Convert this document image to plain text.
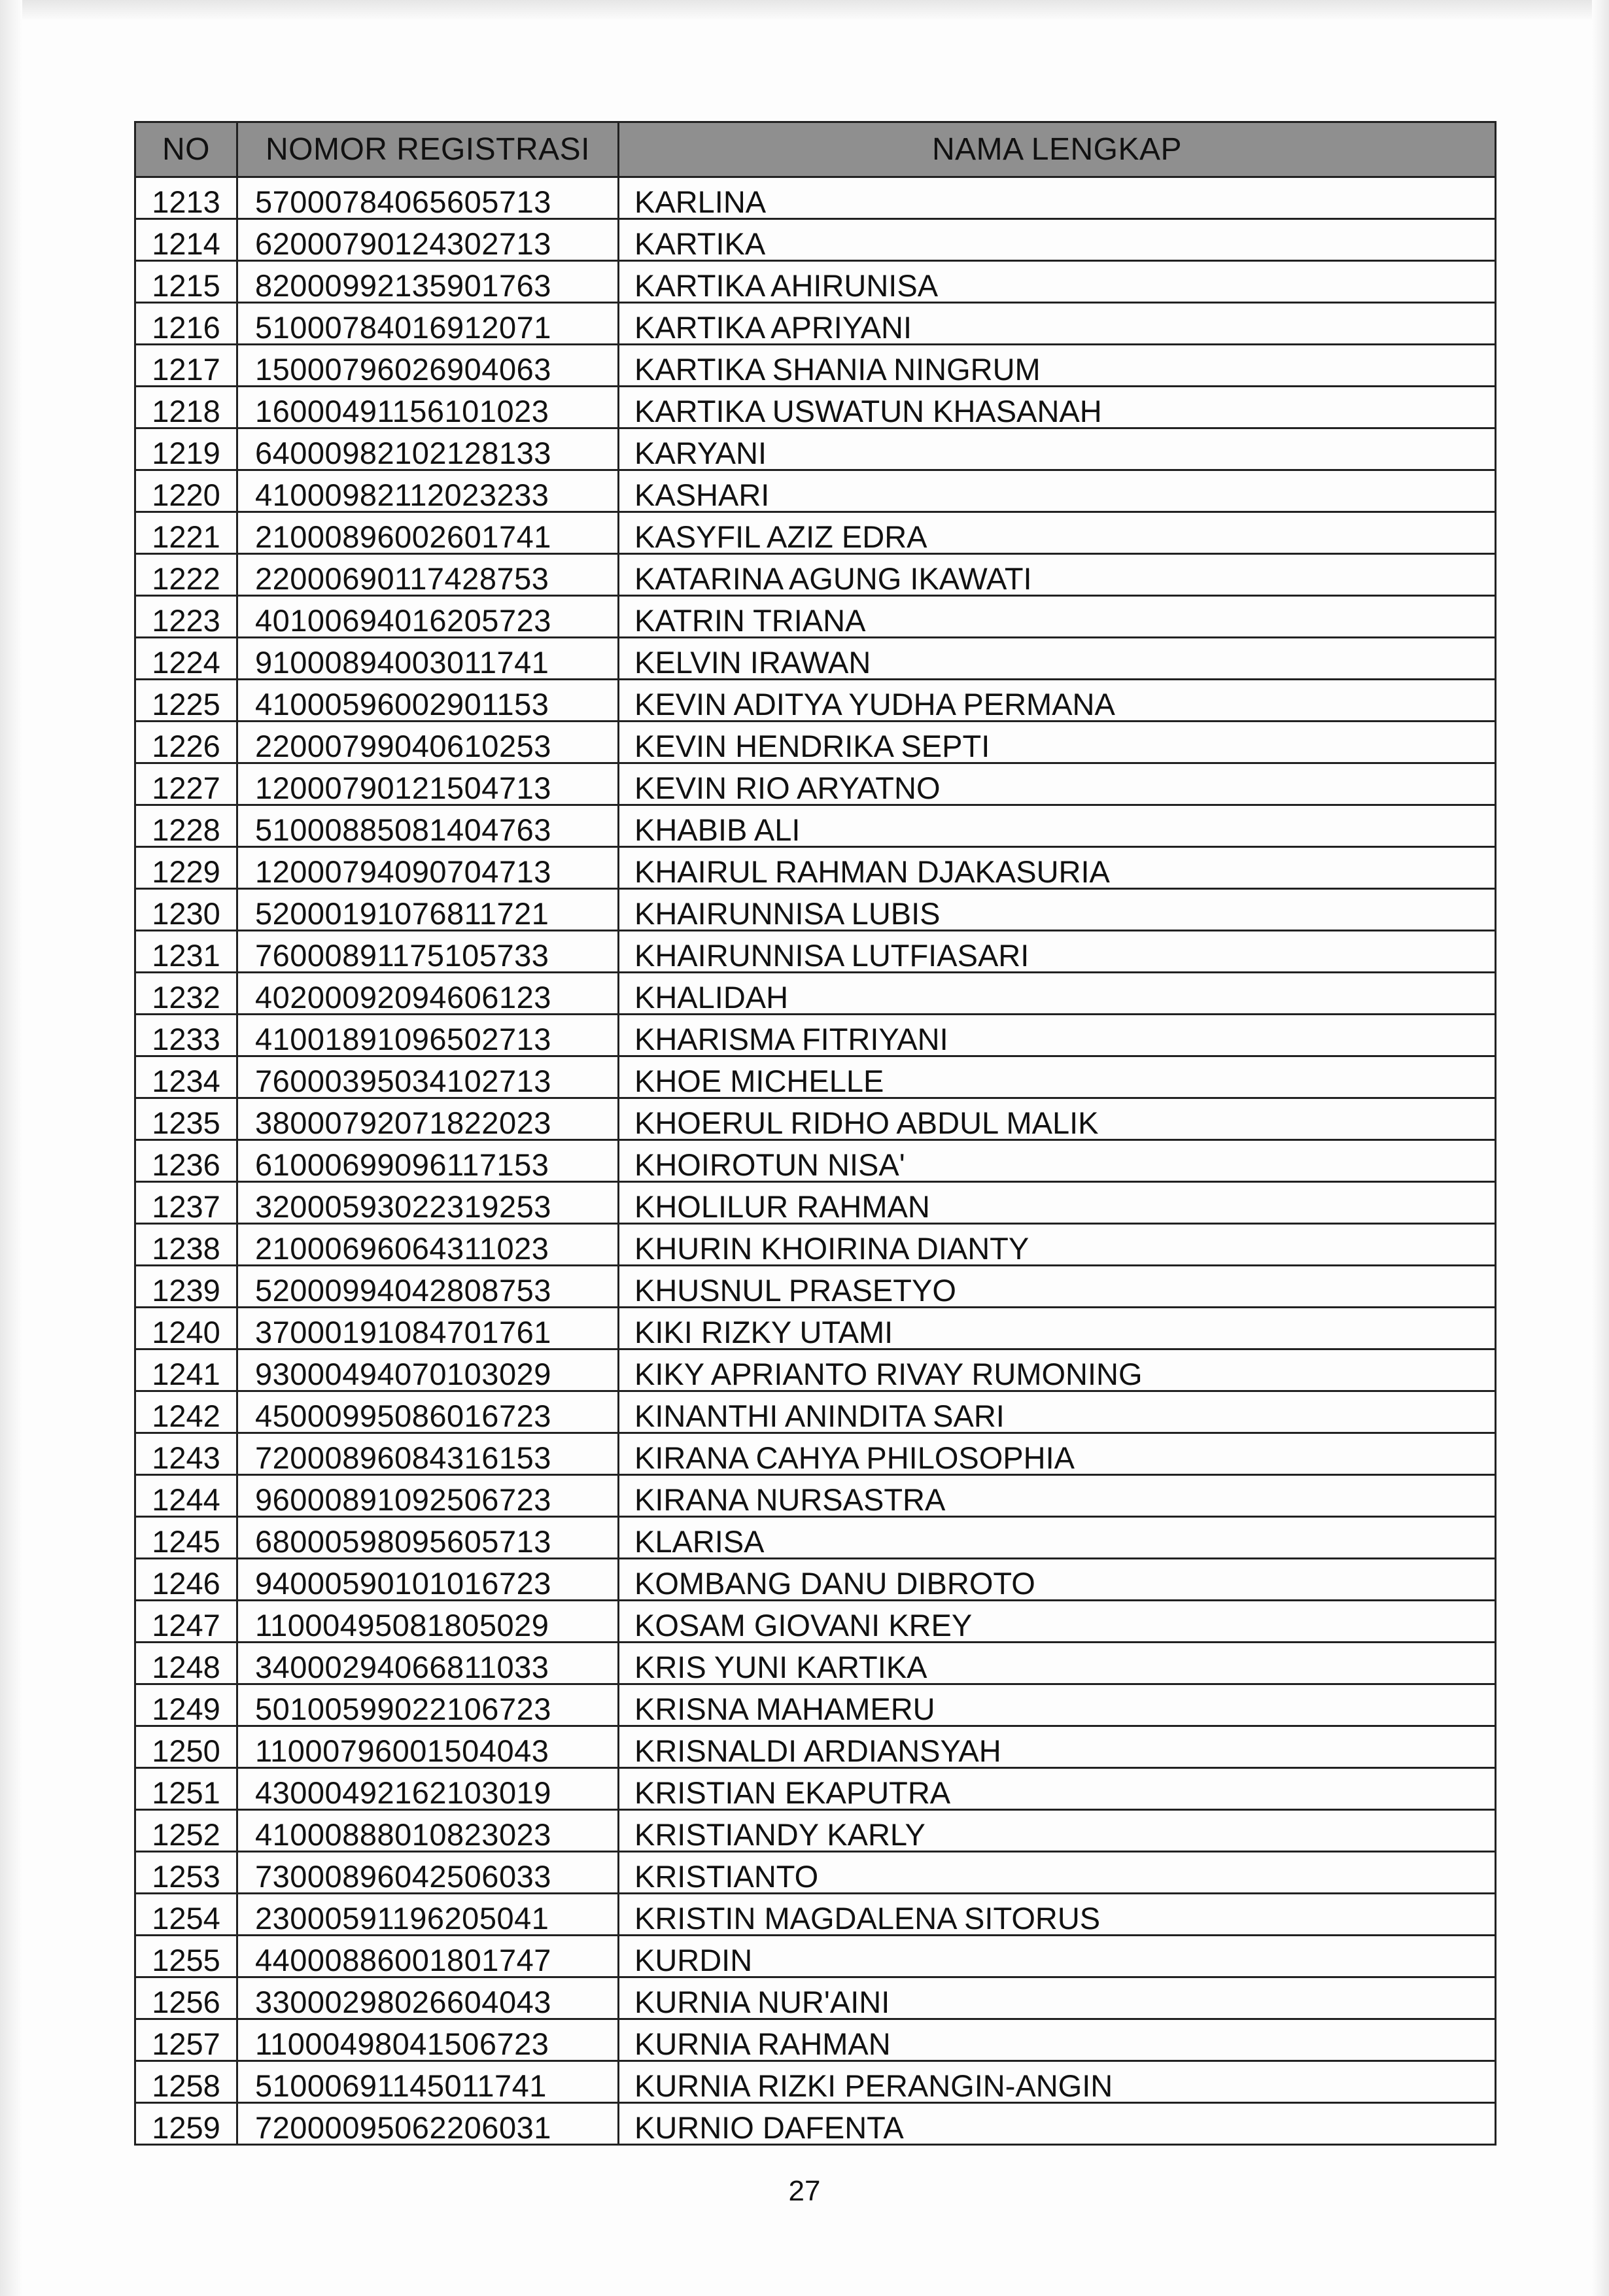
NO	NOMOR REGISTRASI	NAMA LENGKAP
1213	57000784065605713	KARLINA
1214	62000790124302713	KARTIKA
1215	82000992135901763	KARTIKA AHIRUNISA
1216	51000784016912071	KARTIKA APRIYANI
1217	15000796026904063	KARTIKA SHANIA NINGRUM
1218	16000491156101023	KARTIKA USWATUN KHASANAH
1219	64000982102128133	KARYANI
1220	41000982112023233	KASHARI
1221	21000896002601741	KASYFIL AZIZ EDRA
1222	22000690117428753	KATARINA AGUNG IKAWATI
1223	40100694016205723	KATRIN TRIANA
1224	91000894003011741	KELVIN IRAWAN
1225	41000596002901153	KEVIN ADITYA YUDHA PERMANA
1226	22000799040610253	KEVIN HENDRIKA SEPTI
1227	12000790121504713	KEVIN RIO ARYATNO
1228	51000885081404763	KHABIB ALI
1229	12000794090704713	KHAIRUL RAHMAN DJAKASURIA
1230	52000191076811721	KHAIRUNNISA LUBIS
1231	76000891175105733	KHAIRUNNISA LUTFIASARI
1232	40200092094606123	KHALIDAH
1233	41001891096502713	KHARISMA FITRIYANI
1234	76000395034102713	KHOE MICHELLE
1235	38000792071822023	KHOERUL RIDHO ABDUL MALIK
1236	61000699096117153	KHOIROTUN NISA'
1237	32000593022319253	KHOLILUR RAHMAN
1238	21000696064311023	KHURIN KHOIRINA DIANTY
1239	52000994042808753	KHUSNUL PRASETYO
1240	37000191084701761	KIKI RIZKY UTAMI
1241	93000494070103029	KIKY APRIANTO RIVAY RUMONING
1242	45000995086016723	KINANTHI ANINDITA SARI
1243	72000896084316153	KIRANA CAHYA PHILOSOPHIA
1244	96000891092506723	KIRANA NURSASTRA
1245	68000598095605713	KLARISA
1246	94000590101016723	KOMBANG DANU DIBROTO
1247	11000495081805029	KOSAM GIOVANI KREY
1248	34000294066811033	KRIS YUNI KARTIKA
1249	50100599022106723	KRISNA MAHAMERU
1250	11000796001504043	KRISNALDI ARDIANSYAH
1251	43000492162103019	KRISTIAN EKAPUTRA
1252	41000888010823023	KRISTIANDY KARLY
1253	73000896042506033	KRISTIANTO
1254	23000591196205041	KRISTIN MAGDALENA SITORUS
1255	44000886001801747	KURDIN
1256	33000298026604043	KURNIA NUR'AINI
1257	11000498041506723	KURNIA RAHMAN
1258	51000691145011741	KURNIA RIZKI PERANGIN-ANGIN
1259	72000095062206031	KURNIO DAFENTA
27
